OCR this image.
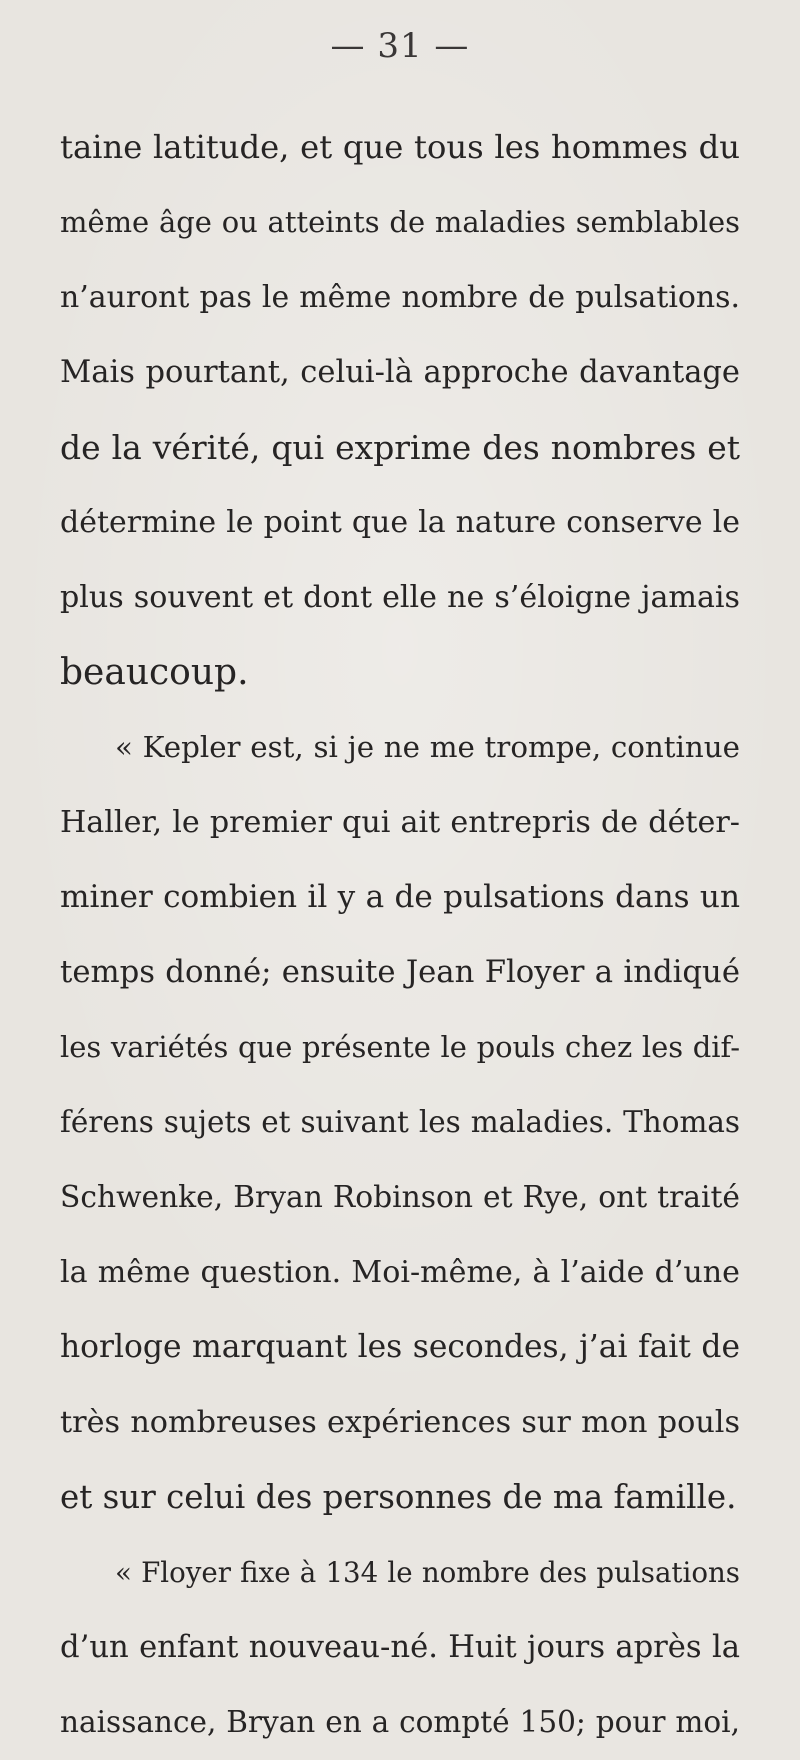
— 31 —
taine latitude, et que tous les hommes du
même âge ou atteints de maladies semblables
n’auront pas le même nombre de pulsations.
Mais pourtant, celui-là approche davantage
de la vérité, qui exprime des nombres et
détermine le point que la nature conserve le
plus souvent et dont elle ne s’éloigne jamais
beaucoup.
« Kepler est, si je ne me trompe, continue
Haller, le premier qui ait entrepris de déter-
miner combien il y a de pulsations dans un
temps donné; ensuite Jean Floyer a indiqué
les variétés que présente le pouls chez les dif-
férens sujets et suivant les maladies. Thomas
Schwenke, Bryan Robinson et Rye, ont traité
la même question. Moi-même, à l’aide d’une
horloge marquant les secondes, j’ai fait de
très nombreuses expériences sur mon pouls
et sur celui des personnes de ma famille.
« Floyer fixe à 134 le nombre des pulsations
d’un enfant nouveau-né. Huit jours après la
naissance, Bryan en a compté 150; pour moi,
